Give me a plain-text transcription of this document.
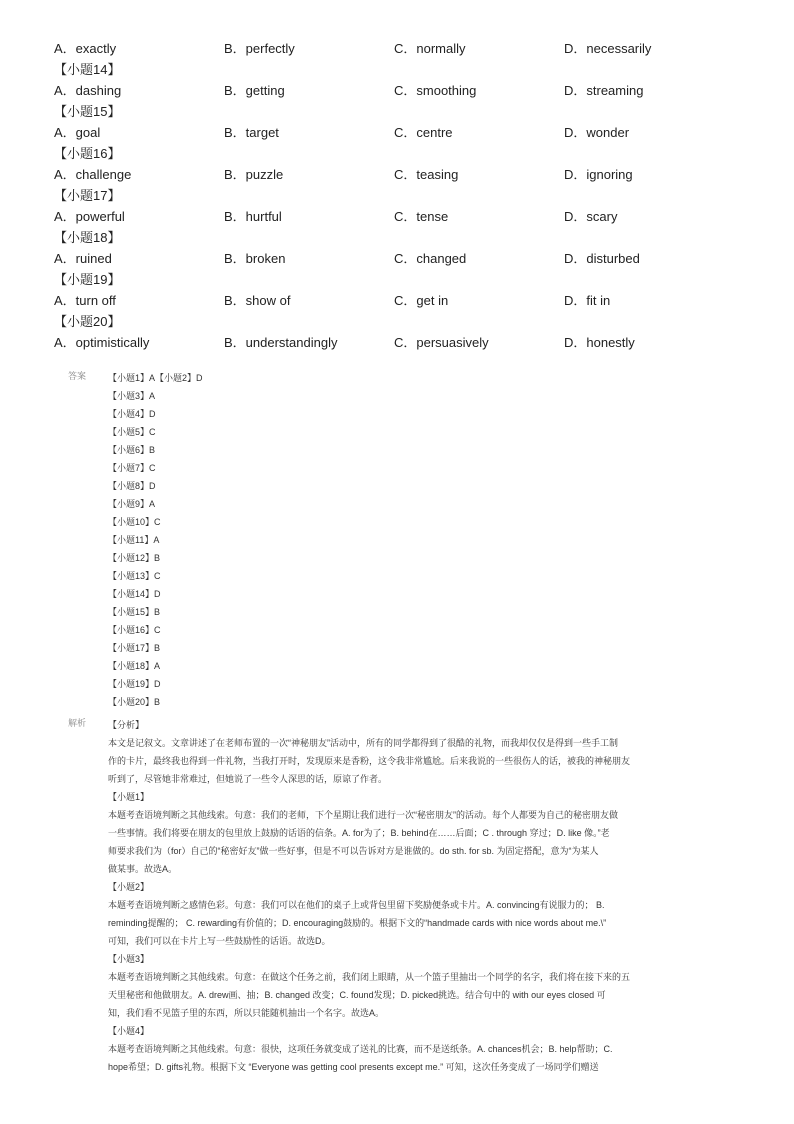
A．exactly	B．perfectly	C．normally	D．necessarily
【小题14】
A．dashing	B．getting	C．smoothing	D．streaming
【小题15】
A．goal	B．target	C．centre	D．wonder
【小题16】
A．challenge	B．puzzle	C．teasing	D．ignoring
【小题17】
A．powerful	B．hurtful	C．tense	D．scary
【小题18】
A．ruined	B．broken	C．changed	D．disturbed
【小题19】
A．turn off	B．show of	C．get in	D．fit in
【小题20】
A．optimistically	B．understandingly	C．persuasively	D．honestly
答案 【小题1】A【小题2】D
【小题3】A
【小题4】D
【小题5】C
【小题6】B
【小题7】C
【小题8】D
【小题9】A
【小题10】C
【小题11】A
【小题12】B
【小题13】C
【小题14】D
【小题15】B
【小题16】C
【小题17】B
【小题18】A
【小题19】D
【小题20】B
解析 【分析】
本文是记叙文。文章讲述了在老师布置的一次“神秘朋友”活动中，所有的同学都得到了很酷的礼物，而我却仅仅是得到一些手工制
作的卡片，最终我也得到一件礼物，当我打开时，发现原来是香粉，这令我非常尴尬。后来我说的一些很伤人的话，被我的神秘朋友
听到了，尽管她非常难过，但她说了一些令人深思的话，原谅了作者。
【小题1】
本题考查语境判断之其他线索。句意：我们的老师，下个星期让我们进行一次“秘密朋友”的活动。每个人都要为自己的秘密朋友做
一些事情。我们将要在朋友的包里放上鼓励的话语的信条。A. for为了；B. behind在……后面；C . through 穿过；D. like 像。”老
师要求我们为（for）自己的“秘密好友”做一些好事，但是不可以告诉对方是谁做的。do sth. for sb. 为固定搭配，意为“为某人
做某事。故选A。
【小题2】
本题考查语境判断之感情色彩。句意：我们可以在他们的桌子上或背包里留下奖励便条或卡片。A. convincing有说服力的； B.
reminding提醒的； C. rewarding有价值的；D. encouraging鼓励的。根据下文的“handmade cards with nice words about me.\”
可知，我们可以在卡片上写一些鼓励性的话语。故选D。
【小题3】
本题考查语境判断之其他线索。句意：在做这个任务之前，我们闭上眼睛，从一个篮子里抽出一个同学的名字，我们将在接下来的五
天里秘密和他做朋友。A. drew画、抽；B. changed 改变；C. found发现；D. picked挑选。结合句中的 with our eyes closed 可
知，我们看不见篮子里的东西，所以只能随机抽出一个名字。故选A。
【小题4】
本题考查语境判断之其他线索。句意：很快，这项任务就变成了送礼的比赛，而不是送纸条。A. chances机会；B. help帮助；C.
hope希望；D. gifts礼物。根据下文 “Everyone was getting cool presents except me.” 可知，这次任务变成了一场同学们赠送
